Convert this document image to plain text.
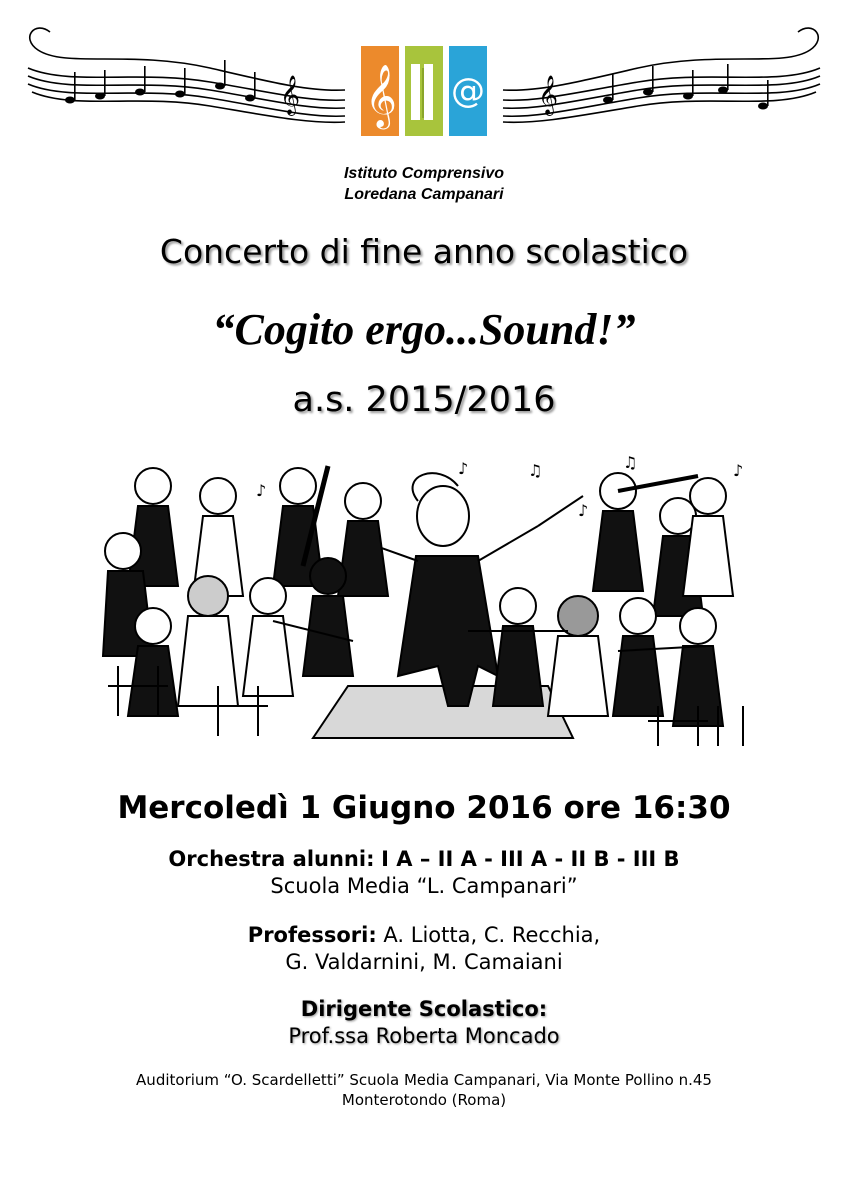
𝄞	𝄞
𝄞 @
Istituto Comprensivo
Loredana Campanari
Concerto di fine anno scolastico
“Cogito ergo...Sound!”
a.s. 2015/2016
♪
♪	♫	♫	♪
♪
Mercoledì 1 Giugno 2016 ore 16:30
Orchestra alunni: I A – II A - III A - II B - III B
Scuola Media “L. Campanari”
Professori: A. Liotta, C. Recchia,
G. Valdarnini, M. Camaiani
Dirigente Scolastico:
Prof.ssa Roberta Moncado
Auditorium “O. Scardelletti” Scuola Media Campanari, Via Monte Pollino n.45
Monterotondo (Roma)
